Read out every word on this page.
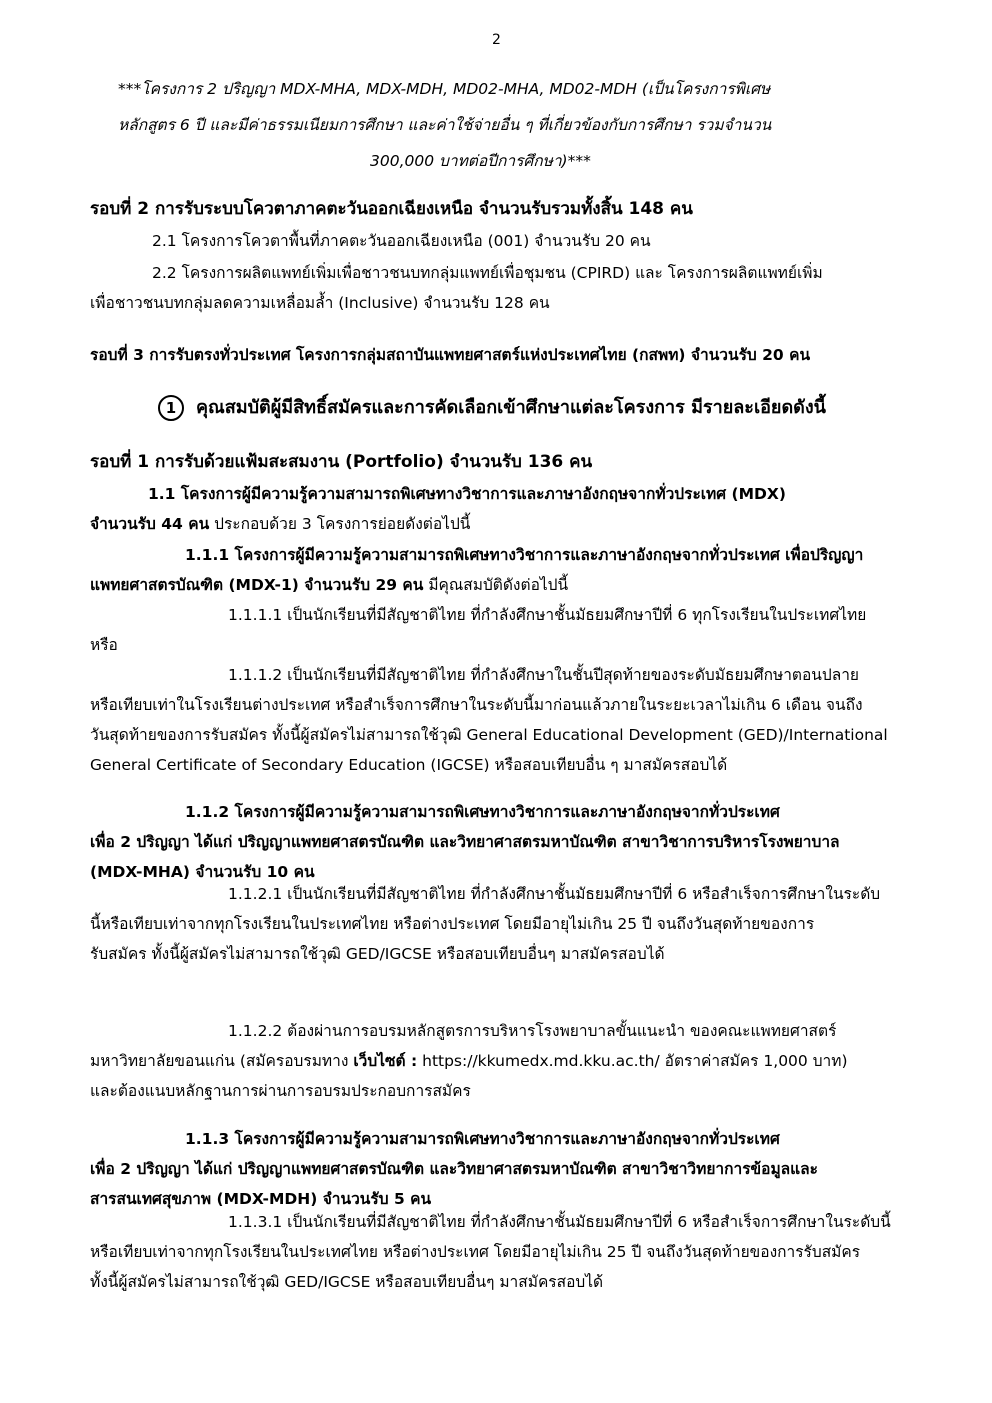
2
***โครงการ 2 ปริญญา MDX-MHA, MDX-MDH, MD02-MHA, MD02-MDH (เป็นโครงการพิเศษ
หลักสูตร 6 ปี และมีค่าธรรมเนียมการศึกษา และค่าใช้จ่ายอื่น ๆ ที่เกี่ยวข้องกับการศึกษา รวมจำนวน
300,000 บาทต่อปีการศึกษา)***
รอบที่ 2 การรับระบบโควตาภาคตะวันออกเฉียงเหนือ จำนวนรับรวมทั้งสิ้น 148 คน
2.1 โครงการโควตาพื้นที่ภาคตะวันออกเฉียงเหนือ (001) จำนวนรับ 20 คน
2.2 โครงการผลิตแพทย์เพิ่มเพื่อชาวชนบทกลุ่มแพทย์เพื่อชุมชน (CPIRD) และ โครงการผลิตแพทย์เพิ่ม
เพื่อชาวชนบทกลุ่มลดความเหลื่อมล้ำ (Inclusive) จำนวนรับ 128 คน
รอบที่ 3 การรับตรงทั่วประเทศ โครงการกลุ่มสถาบันแพทยศาสตร์แห่งประเทศไทย (กสพท) จำนวนรับ 20 คน
1 คุณสมบัติผู้มีสิทธิ์สมัครและการคัดเลือกเข้าศึกษาแต่ละโครงการ มีรายละเอียดดังนี้
รอบที่ 1 การรับด้วยแฟ้มสะสมงาน (Portfolio) จำนวนรับ 136 คน
1.1 โครงการผู้มีความรู้ความสามารถพิเศษทางวิชาการและภาษาอังกฤษจากทั่วประเทศ (MDX)
จำนวนรับ 44 คน ประกอบด้วย 3 โครงการย่อยดังต่อไปนี้
1.1.1 โครงการผู้มีความรู้ความสามารถพิเศษทางวิชาการและภาษาอังกฤษจากทั่วประเทศ เพื่อปริญญา
แพทยศาสตรบัณฑิต (MDX-1) จำนวนรับ 29 คน มีคุณสมบัติดังต่อไปนี้
1.1.1.1 เป็นนักเรียนที่มีสัญชาติไทย ที่กำลังศึกษาชั้นมัธยมศึกษาปีที่ 6 ทุกโรงเรียนในประเทศไทย
หรือ
1.1.1.2 เป็นนักเรียนที่มีสัญชาติไทย ที่กำลังศึกษาในชั้นปีสุดท้ายของระดับมัธยมศึกษาตอนปลาย
หรือเทียบเท่าในโรงเรียนต่างประเทศ หรือสำเร็จการศึกษาในระดับนี้มาก่อนแล้วภายในระยะเวลาไม่เกิน 6 เดือน จนถึง
วันสุดท้ายของการรับสมัคร ทั้งนี้ผู้สมัครไม่สามารถใช้วุฒิ General Educational Development (GED)/International
General Certificate of Secondary Education (IGCSE) หรือสอบเทียบอื่น ๆ มาสมัครสอบได้
1.1.2 โครงการผู้มีความรู้ความสามารถพิเศษทางวิชาการและภาษาอังกฤษจากทั่วประเทศ
เพื่อ 2 ปริญญา ได้แก่ ปริญญาแพทยศาสตรบัณฑิต และวิทยาศาสตรมหาบัณฑิต สาขาวิชาการบริหารโรงพยาบาล
(MDX-MHA) จำนวนรับ 10 คน
1.1.2.1 เป็นนักเรียนที่มีสัญชาติไทย ที่กำลังศึกษาชั้นมัธยมศึกษาปีที่ 6 หรือสำเร็จการศึกษาในระดับ
นี้หรือเทียบเท่าจากทุกโรงเรียนในประเทศไทย หรือต่างประเทศ โดยมีอายุไม่เกิน 25 ปี จนถึงวันสุดท้ายของการ
รับสมัคร ทั้งนี้ผู้สมัครไม่สามารถใช้วุฒิ GED/IGCSE หรือสอบเทียบอื่นๆ มาสมัครสอบได้
1.1.2.2 ต้องผ่านการอบรมหลักสูตรการบริหารโรงพยาบาลขั้นแนะนำ ของคณะแพทยศาสตร์
มหาวิทยาลัยขอนแก่น (สมัครอบรมทาง เว็บไซต์ : https://kkumedx.md.kku.ac.th/ อัตราค่าสมัคร 1,000 บาท)
และต้องแนบหลักฐานการผ่านการอบรมประกอบการสมัคร
1.1.3 โครงการผู้มีความรู้ความสามารถพิเศษทางวิชาการและภาษาอังกฤษจากทั่วประเทศ
เพื่อ 2 ปริญญา ได้แก่ ปริญญาแพทยศาสตรบัณฑิต และวิทยาศาสตรมหาบัณฑิต สาขาวิชาวิทยาการข้อมูลและ
สารสนเทศสุขภาพ (MDX-MDH) จำนวนรับ 5 คน
1.1.3.1 เป็นนักเรียนที่มีสัญชาติไทย ที่กำลังศึกษาชั้นมัธยมศึกษาปีที่ 6 หรือสำเร็จการศึกษาในระดับนี้
หรือเทียบเท่าจากทุกโรงเรียนในประเทศไทย หรือต่างประเทศ โดยมีอายุไม่เกิน 25 ปี จนถึงวันสุดท้ายของการรับสมัคร
ทั้งนี้ผู้สมัครไม่สามารถใช้วุฒิ GED/IGCSE หรือสอบเทียบอื่นๆ มาสมัครสอบได้
